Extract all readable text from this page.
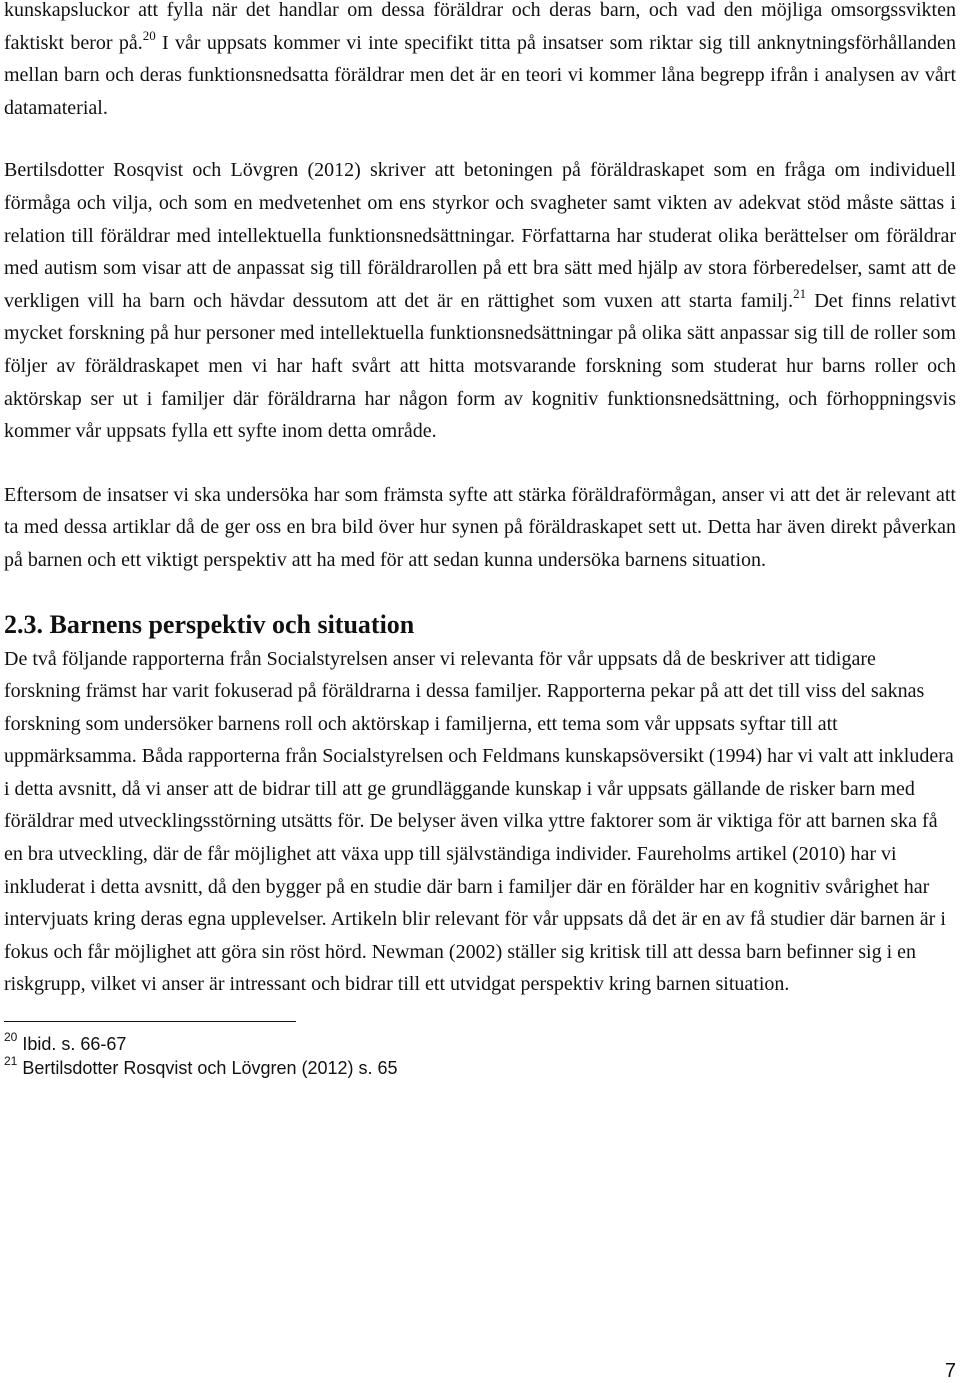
kunskapsluckor att fylla när det handlar om dessa föräldrar och deras barn, och vad den möjliga omsorgssvikten faktiskt beror på.$^{20}$ I vår uppsats kommer vi inte specifikt titta på insatser som riktar sig till anknytningsförhållanden mellan barn och deras funktionsnedsatta föräldrar men det är en teori vi kommer låna begrepp ifrån i analysen av vårt datamaterial.

Bertilsdotter Rosqvist och Lövgren (2012) skriver att betoningen på föräldraskapet som en fråga om individuell förmåga och vilja, och som en medvetenhet om ens styrkor och svagheter samt vikten av adekvat stöd måste sättas i relation till föräldrar med intellektuella funktionsnedsättningar. Författarna har studerat olika berättelser om föräldrar med autism som visar att de anpassat sig till föräldrarollen på ett bra sätt med hjälp av stora förberedelser, samt att de verkligen vill ha barn och hävdar dessutom att det är en rättighet som vuxen att starta familj.$^{21}$ Det finns relativt mycket forskning på hur personer med intellektuella funktionsnedsättningar på olika sätt anpassar sig till de roller som följer av föräldraskapet men vi har haft svårt att hitta motsvarande forskning som studerat hur barns roller och aktörskap ser ut i familjer där föräldrarna har någon form av kognitiv funktionsnedsättning, och förhoppningsvis kommer vår uppsats fylla ett syfte inom detta område.

Eftersom de insatser vi ska undersöka har som främsta syfte att stärka föräldraförmågan, anser vi att det är relevant att ta med dessa artiklar då de ger oss en bra bild över hur synen på föräldraskapet sett ut. Detta har även direkt påverkan på barnen och ett viktigt perspektiv att ha med för att sedan kunna undersöka barnens situation.

2.3. Barnens perspektiv och situation

De två följande rapporterna från Socialstyrelsen anser vi relevanta för vår uppsats då de beskriver att tidigare forskning främst har varit fokuserad på föräldrarna i dessa familjer. Rapporterna pekar på att det till viss del saknas forskning som undersöker barnens roll och aktörskap i familjerna, ett tema som vår uppsats syftar till att uppmärksamma. Båda rapporterna från Socialstyrelsen och Feldmans kunskapsöversikt (1994) har vi valt att inkludera i detta avsnitt, då vi anser att de bidrar till att ge grundläggande kunskap i vår uppsats gällande de risker barn med föräldrar med utvecklingsstörning utsätts för. De belyser även vilka yttre faktorer som är viktiga för att barnen ska få en bra utveckling, där de får möjlighet att växa upp till självständiga individer. Faureholms artikel (2010) har vi inkluderat i detta avsnitt, då den bygger på en studie där barn i familjer där en förälder har en kognitiv svårighet har intervjuats kring deras egna upplevelser. Artikeln blir relevant för vår uppsats då det är en av få studier där barnen är i fokus och får möjlighet att göra sin röst hörd. Newman (2002) ställer sig kritisk till att dessa barn befinner sig i en riskgrupp, vilket vi anser är intressant och bidrar till ett utvidgat perspektiv kring barnen situation.

$^{20}$ Ibid. s. 66-67
$^{21}$ Bertilsdotter Rosqvist och Lövgren (2012) s. 65
7
